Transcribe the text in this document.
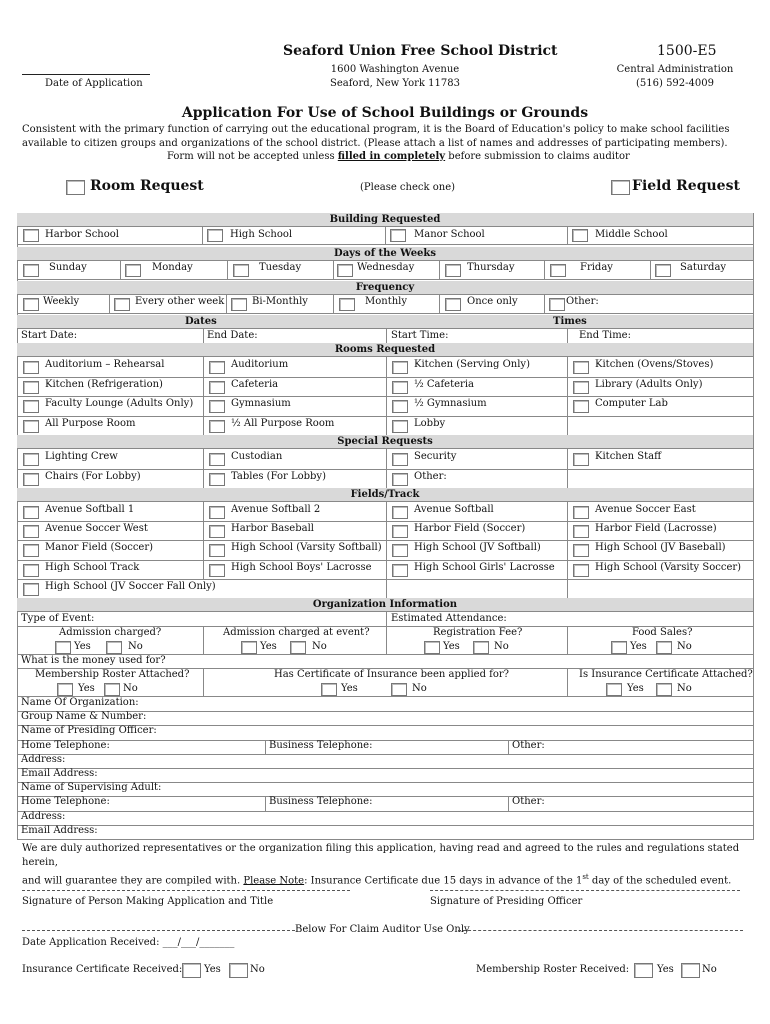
Seaford Union Free School District	1500-E5
Date of Application
1600 Washington Avenue
Seaford, New York 11783
Central Administration
(516) 592-4009
Application For Use of School Buildings or Grounds
Consistent with the primary function of carrying out the educational program, it is the Board of Education's policy to make school facilities available to citizen groups and organizations of the school district. (Please attach a list of names and addresses of participating members).
Form will not be accepted unless filled in completely before submission to claims auditor
Room Request	(Please check one)	Field Request
Building Requested
Harbor School	High School	Manor School	Middle School
Days of the Weeks
Sunday	Monday	Tuesday	Wednesday	Thursday	Friday	Saturday
Frequency
Weekly	Every other week	Bi-Monthly	Monthly	Once only	Other:
Dates	Times
Start Date:	End Date:	Start Time:	End Time:
Rooms Requested
Auditorium – Rehearsal	Auditorium	Kitchen (Serving Only)	Kitchen (Ovens/Stoves)
Kitchen (Refrigeration)	Cafeteria	½ Cafeteria	Library (Adults Only)
Faculty Lounge (Adults Only)	Gymnasium	½ Gymnasium	Computer Lab
All Purpose Room	½ All Purpose Room	Lobby
Special Requests
Lighting Crew	Custodian	Security	Kitchen Staff
Chairs (For Lobby)	Tables (For Lobby)	Other:
Fields/Track
Avenue Softball 1	Avenue Softball 2	Avenue Softball	Avenue Soccer East
Avenue Soccer West	Harbor Baseball	Harbor Field (Soccer)	Harbor Field (Lacrosse)
Manor Field (Soccer)	High School (Varsity Softball)	High School (JV Softball)	High School (JV Baseball)
High School Track	High School Boys' Lacrosse	High School Girls' Lacrosse	High School (Varsity Soccer)
High School (JV Soccer Fall Only)
Organization Information
Type of Event:	Estimated Attendance:
Admission charged?
Yes	No
Admission charged at event?
Yes	No
Registration Fee?
Yes	No
Food Sales?
Yes	No
What is the money used for?
Membership Roster Attached?
Yes	No
Has Certificate of Insurance been applied for?
Yes	No
Is Insurance Certificate Attached?
Yes	No
Name Of Organization:
Group Name & Number:
Name of Presiding Officer:
Home Telephone:	Business Telephone:	Other:
Address:
Email Address:
Name of Supervising Adult:
Home Telephone:	Business Telephone:	Other:
Address:
Email Address:
We are duly authorized representatives or the organization filing this application, having read and agreed to the rules and regulations stated herein,
and will guarantee they are compiled with. Please Note: Insurance Certificate due 15 days in advance of the 1st day of the scheduled event.
Signature of Person Making Application and Title	Signature of Presiding Officer
Below For Claim Auditor Use Only
Date Application Received: ___/___/_______
Insurance Certificate Received: Yes	No	Membership Roster Received:	Yes	No
